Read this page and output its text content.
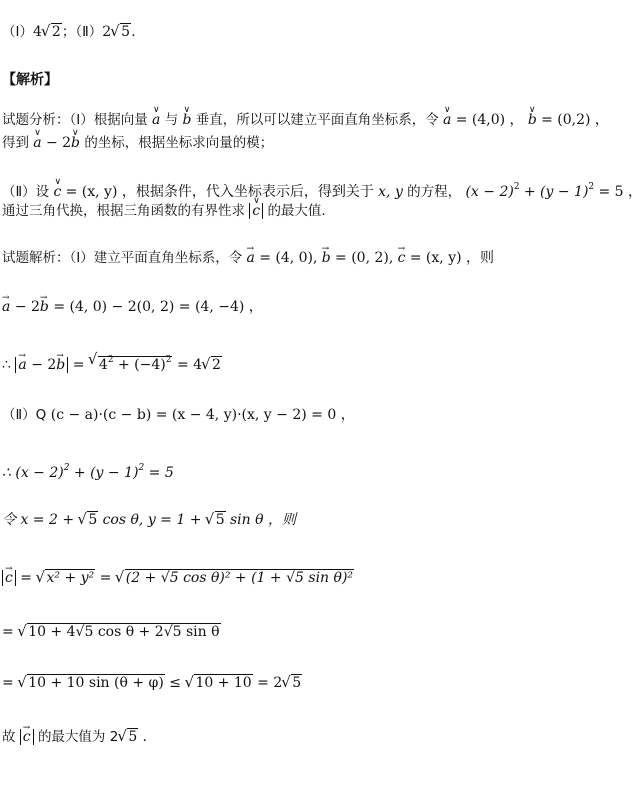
（Ⅰ）4√ 2；（Ⅱ）2√ 5.
【解析】
试题分析：（Ⅰ）根据向量 a ∨ 与 b ∨ 垂直，所以可以建立平面直角坐标系，令 a ∨ = (4,0) ， b ∨ = (0,2) ，
得到 a ∨ − 2b ∨ 的坐标，根据坐标求向量的模；
（Ⅱ）设 c ∨ = (x, y) ，根据条件，代入坐标表示后，得到关于 x, y 的方程， $(x - 2)^2 + (y - 1)^2 = 5$ ，
通过三角代换，根据三角函数的有界性求 c ∨ 的最大值.
试题解析：（Ⅰ）建立平面直角坐标系，令 a → = (4, 0), b → = (0, 2), c → = (x, y) ，则
a → − 2b → = (4, 0) − 2(0, 2) = (4, −4) ，
∴ a → − 2b → = √ $4^2 + (-4)^2 = 4√$ 2
（Ⅱ）Q (c − a)·(c − b) = (x − 4, y)·(x, y − 2) = 0 ，
∴ $(x - 2)^2 + (y - 1)^2 = 5$
令 x = 2 + √ 5 cos θ, y = 1 + √ 5 sin θ ，则
c → = √ x² + y² = √ (2 + √5 cos θ)² + (1 + √5 sin θ)²
= √ 10 + 4√5 cos θ + 2√5 sin θ
= √ 10 + 10 sin (θ + φ) ≤ √ 10 + 10 = 2√ 5
故 c → 的最大值为 2√ 5 .
